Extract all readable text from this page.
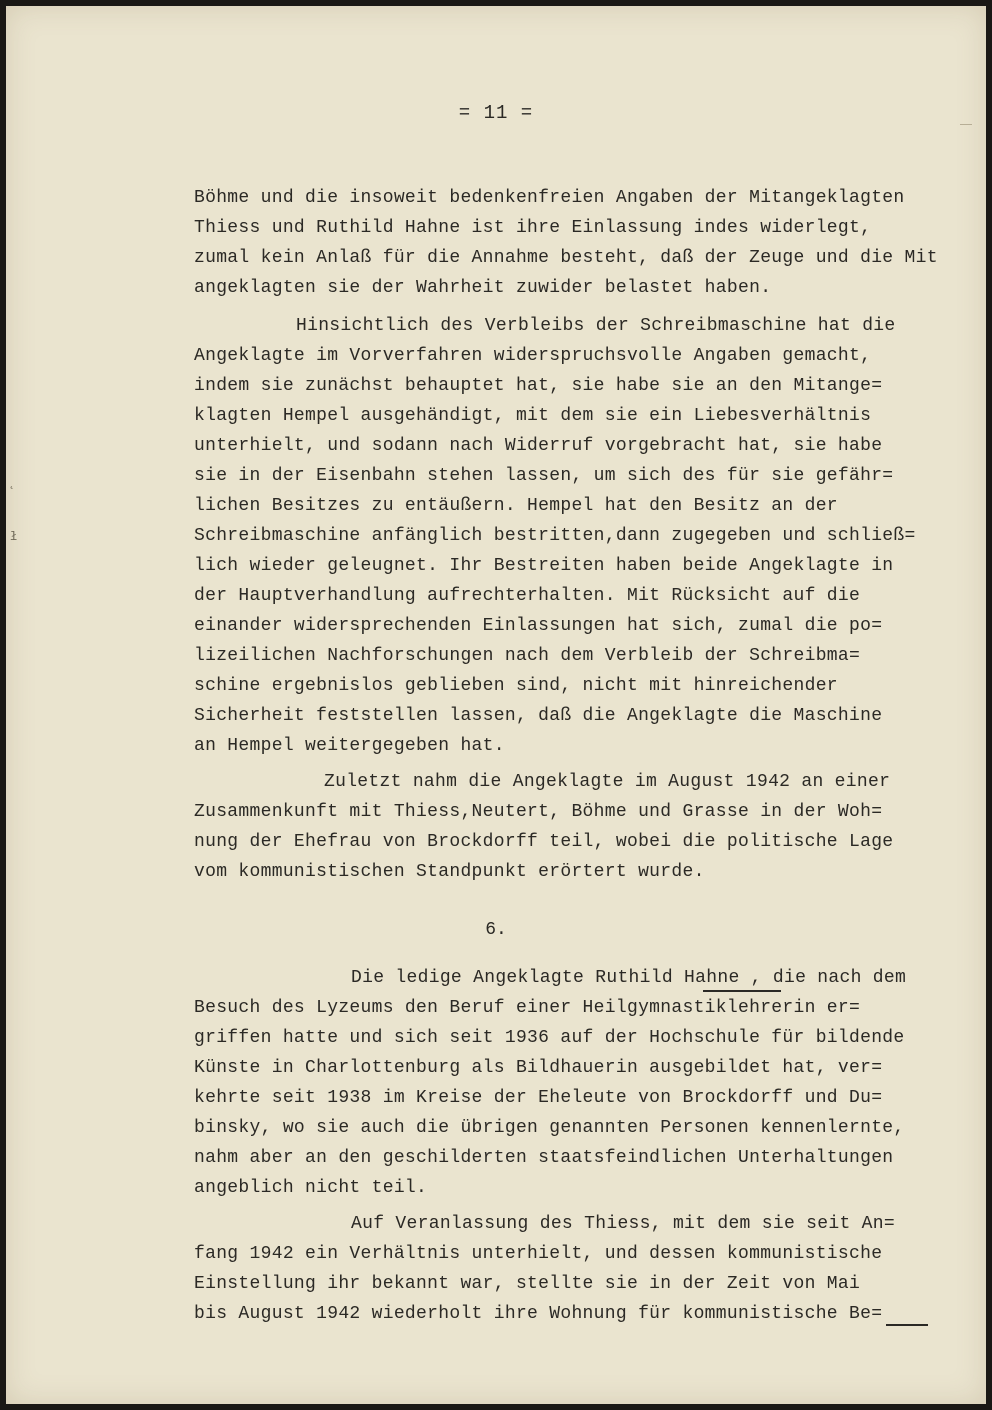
= 11 =
˛
ł
Böhme und die insoweit bedenkenfreien Angaben der Mitangeklagten
Thiess und Ruthild Hahne ist ihre Einlassung indes widerlegt,
zumal kein Anlaß für die Annahme besteht, daß der Zeuge und die Mit
angeklagten sie der Wahrheit zuwider belastet haben.
Hinsichtlich des Verbleibs der Schreibmaschine hat die
Angeklagte im Vorverfahren widerspruchsvolle Angaben gemacht,
indem sie zunächst behauptet hat, sie habe sie an den Mitange=
klagten Hempel ausgehändigt, mit dem sie ein Liebesverhältnis
unterhielt, und sodann nach Widerruf vorgebracht hat, sie habe
sie in der Eisenbahn stehen lassen, um sich des für sie gefähr=
lichen Besitzes zu entäußern. Hempel hat den Besitz an der
Schreibmaschine anfänglich bestritten,dann zugegeben und schließ=
lich wieder geleugnet. Ihr Bestreiten haben beide Angeklagte in
der Hauptverhandlung aufrechterhalten. Mit Rücksicht auf die
einander widersprechenden Einlassungen hat sich, zumal die po=
lizeilichen Nachforschungen nach dem Verbleib der Schreibma=
schine ergebnislos geblieben sind, nicht mit hinreichender
Sicherheit feststellen lassen, daß die Angeklagte die Maschine
an Hempel weitergegeben hat.
Zuletzt nahm die Angeklagte im August 1942 an einer
Zusammenkunft mit Thiess,Neutert, Böhme und Grasse in der Woh=
nung der Ehefrau von Brockdorff teil, wobei die politische Lage
vom kommunistischen Standpunkt erörtert wurde.
6.
Die ledige Angeklagte Ruthild Hahne , die nach dem
Besuch des Lyzeums den Beruf einer Heilgymnastiklehrerin er=
griffen hatte und sich seit 1936 auf der Hochschule für bildende
Künste in Charlottenburg als Bildhauerin ausgebildet hat, ver=
kehrte seit 1938 im Kreise der Eheleute von Brockdorff und Du=
binsky, wo sie auch die übrigen genannten Personen kennenlernte,
nahm aber an den geschilderten staatsfeindlichen Unterhaltungen
angeblich nicht teil.
Auf Veranlassung des Thiess, mit dem sie seit An=
fang 1942 ein Verhältnis unterhielt, und dessen kommunistische
Einstellung ihr bekannt war, stellte sie in der Zeit von Mai
bis August 1942 wiederholt ihre Wohnung für kommunistische Be=
